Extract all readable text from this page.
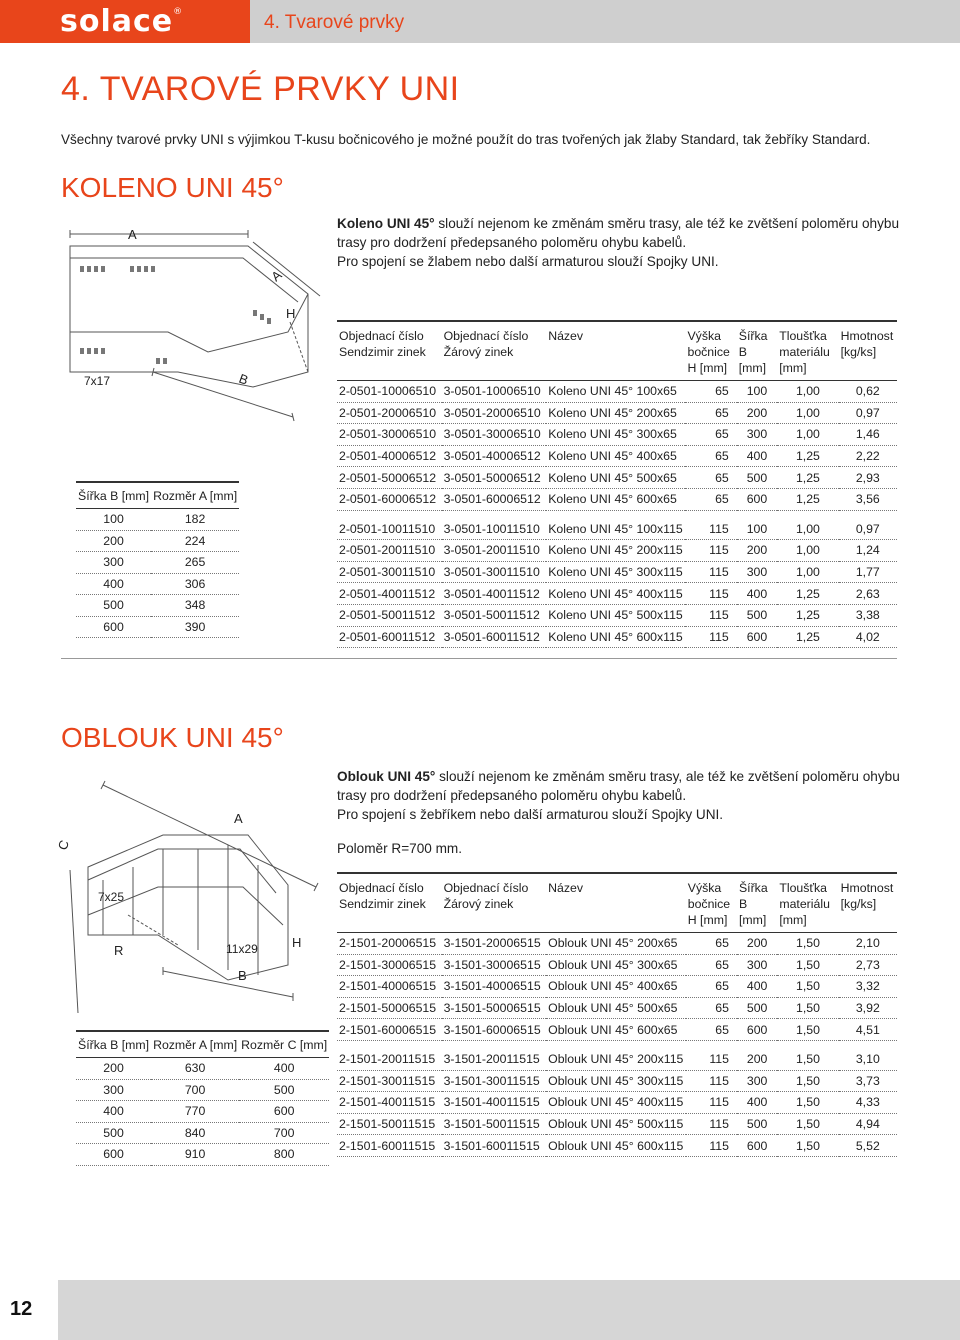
solace®	4. Tvarové prvky
4. TVAROVÉ PRVKY UNI
Všechny tvarové prvky UNI s výjimkou T-kusu bočnicového je možné použít do tras tvořených jak žlaby Standard, tak žebříky Standard.
KOLENO UNI 45°
Koleno UNI 45° slouží nejenom ke změnám směru trasy, ale též ke zvětšení poloměru ohybu trasy pro dodržení předepsaného poloměru ohybu kabelů.
Pro spojení se žlabem nebo další armaturou slouží Spojky UNI.
A
A
H
B
7x17
Šířka B [mm]	Rozměr A [mm]
100	182
200	224
300	265
400	306
500	348
600	390
Objednací číslo Sendzimir zinek	Objednací číslo Žárový zinek	Název	Výška bočnice H [mm]	Šířka B [mm]	Tloušťka materiálu [mm]	Hmotnost [kg/ks]
2-0501-10006510	3-0501-10006510	Koleno UNI 45° 100x65	65	100	1,00	0,62
2-0501-20006510	3-0501-20006510	Koleno UNI 45° 200x65	65	200	1,00	0,97
2-0501-30006510	3-0501-30006510	Koleno UNI 45° 300x65	65	300	1,00	1,46
2-0501-40006512	3-0501-40006512	Koleno UNI 45° 400x65	65	400	1,25	2,22
2-0501-50006512	3-0501-50006512	Koleno UNI 45° 500x65	65	500	1,25	2,93
2-0501-60006512	3-0501-60006512	Koleno UNI 45° 600x65	65	600	1,25	3,56

2-0501-10011510	3-0501-10011510	Koleno UNI 45° 100x115	115	100	1,00	0,97
2-0501-20011510	3-0501-20011510	Koleno UNI 45° 200x115	115	200	1,00	1,24
2-0501-30011510	3-0501-30011510	Koleno UNI 45° 300x115	115	300	1,00	1,77
2-0501-40011512	3-0501-40011512	Koleno UNI 45° 400x115	115	400	1,25	2,63
2-0501-50011512	3-0501-50011512	Koleno UNI 45° 500x115	115	500	1,25	3,38
2-0501-60011512	3-0501-60011512	Koleno UNI 45° 600x115	115	600	1,25	4,02
OBLOUK UNI 45°
Oblouk UNI 45° slouží nejenom ke změnám směru trasy, ale též ke zvětšení poloměru ohybu trasy pro dodržení předepsaného poloměru ohybu kabelů.
Pro spojení s žebříkem nebo další armaturou slouží Spojky UNI.
Poloměr R=700 mm.
A
C
R
H
B
7x25
11x29
Šířka B [mm]	Rozměr A [mm]	Rozměr C [mm]
200	630	400
300	700	500
400	770	600
500	840	700
600	910	800
Objednací číslo Sendzimir zinek	Objednací číslo Žárový zinek	Název	Výška bočnice H [mm]	Šířka B [mm]	Tloušťka materiálu [mm]	Hmotnost [kg/ks]
2-1501-20006515	3-1501-20006515	Oblouk UNI 45° 200x65	65	200	1,50	2,10
2-1501-30006515	3-1501-30006515	Oblouk UNI 45° 300x65	65	300	1,50	2,73
2-1501-40006515	3-1501-40006515	Oblouk UNI 45° 400x65	65	400	1,50	3,32
2-1501-50006515	3-1501-50006515	Oblouk UNI 45° 500x65	65	500	1,50	3,92
2-1501-60006515	3-1501-60006515	Oblouk UNI 45° 600x65	65	600	1,50	4,51

2-1501-20011515	3-1501-20011515	Oblouk UNI 45° 200x115	115	200	1,50	3,10
2-1501-30011515	3-1501-30011515	Oblouk UNI 45° 300x115	115	300	1,50	3,73
2-1501-40011515	3-1501-40011515	Oblouk UNI 45° 400x115	115	400	1,50	4,33
2-1501-50011515	3-1501-50011515	Oblouk UNI 45° 500x115	115	500	1,50	4,94
2-1501-60011515	3-1501-60011515	Oblouk UNI 45° 600x115	115	600	1,50	5,52
12
